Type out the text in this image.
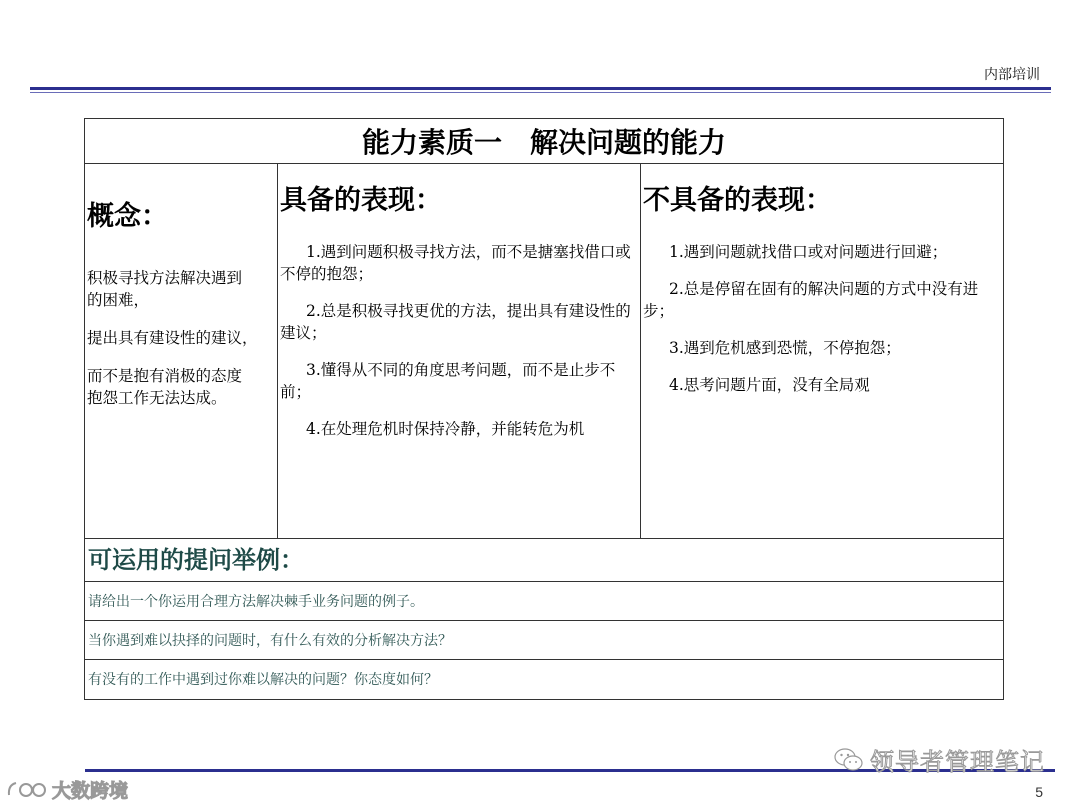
内部培训
能力素质一　解决问题的能力
概念：
积极寻找方法解决遇到
的困难，
提出具有建设性的建议，
而不是抱有消极的态度
抱怨工作无法达成。
具备的表现：
1.遇到问题积极寻找方法，而不是搪塞找借口或不停的抱怨；
2.总是积极寻找更优的方法，提出具有建设性的建议；
3.懂得从不同的角度思考问题，而不是止步不前；
4.在处理危机时保持冷静，并能转危为机
不具备的表现：
1.遇到问题就找借口或对问题进行回避；
2.总是停留在固有的解决问题的方式中没有进步；
3.遇到危机感到恐慌，不停抱怨；
4.思考问题片面，没有全局观
可运用的提问举例：
请给出一个你运用合理方法解决棘手业务问题的例子。
当你遇到难以抉择的问题时，有什么有效的分析解决方法？
有没有的工作中遇到过你难以解决的问题？你态度如何？
领导者管理笔记
大数跨境	5
